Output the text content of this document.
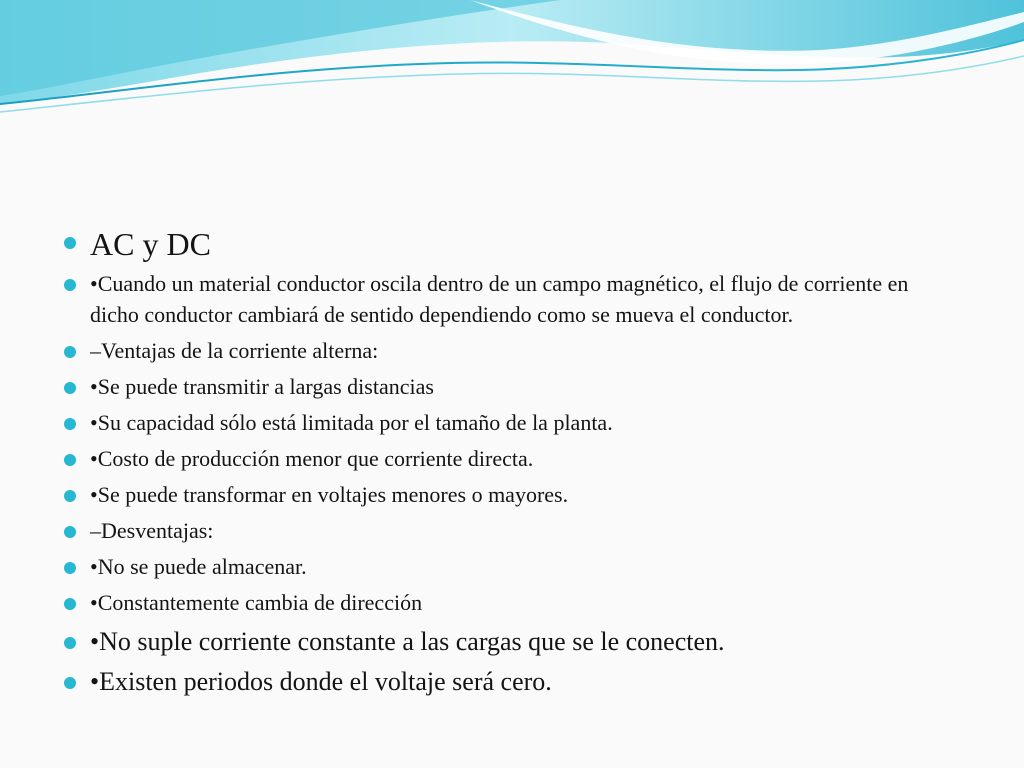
AC y DC
•Cuando un material conductor oscila dentro de un campo magnético, el flujo de corriente en dicho conductor cambiará de sentido dependiendo como se mueva el conductor.
–Ventajas de la corriente alterna:
•Se puede transmitir a largas distancias
•Su capacidad sólo está limitada por el tamaño de la planta.
•Costo de producción menor que corriente directa.
•Se puede transformar en voltajes menores o mayores.
–Desventajas:
•No se puede almacenar.
•Constantemente cambia de dirección
•No suple corriente constante a las cargas que se le conecten.
•Existen periodos donde el voltaje será cero.
